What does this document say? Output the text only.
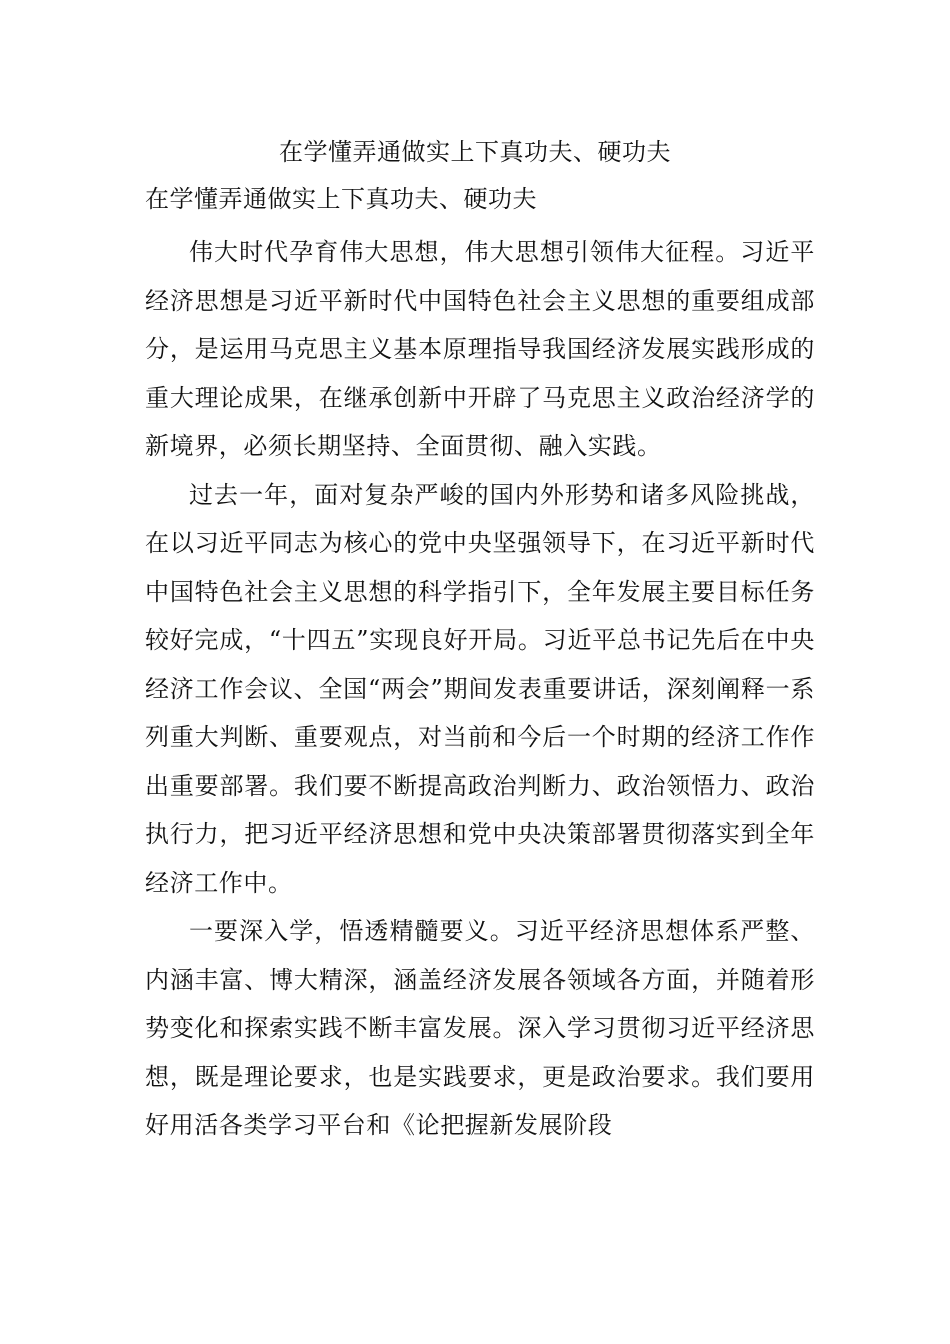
在学懂弄通做实上下真功夫、硬功夫
在学懂弄通做实上下真功夫、硬功夫

伟大时代孕育伟大思想，伟大思想引领伟大征程。习近平经济思想是习近平新时代中国特色社会主义思想的重要组成部分，是运用马克思主义基本原理指导我国经济发展实践形成的重大理论成果，在继承创新中开辟了马克思主义政治经济学的新境界，必须长期坚持、全面贯彻、融入实践。

过去一年，面对复杂严峻的国内外形势和诸多风险挑战，在以习近平同志为核心的党中央坚强领导下，在习近平新时代中国特色社会主义思想的科学指引下，全年发展主要目标任务较好完成，“十四五”实现良好开局。习近平总书记先后在中央经济工作会议、全国“两会”期间发表重要讲话，深刻阐释一系列重大判断、重要观点，对当前和今后一个时期的经济工作作出重要部署。我们要不断提高政治判断力、政治领悟力、政治执行力，把习近平经济思想和党中央决策部署贯彻落实到全年经济工作中。

一要深入学，悟透精髓要义。习近平经济思想体系严整、内涵丰富、博大精深，涵盖经济发展各领域各方面，并随着形势变化和探索实践不断丰富发展。深入学习贯彻习近平经济思想，既是理论要求，也是实践要求，更是政治要求。我们要用好用活各类学习平台和《论把握新发展阶段
